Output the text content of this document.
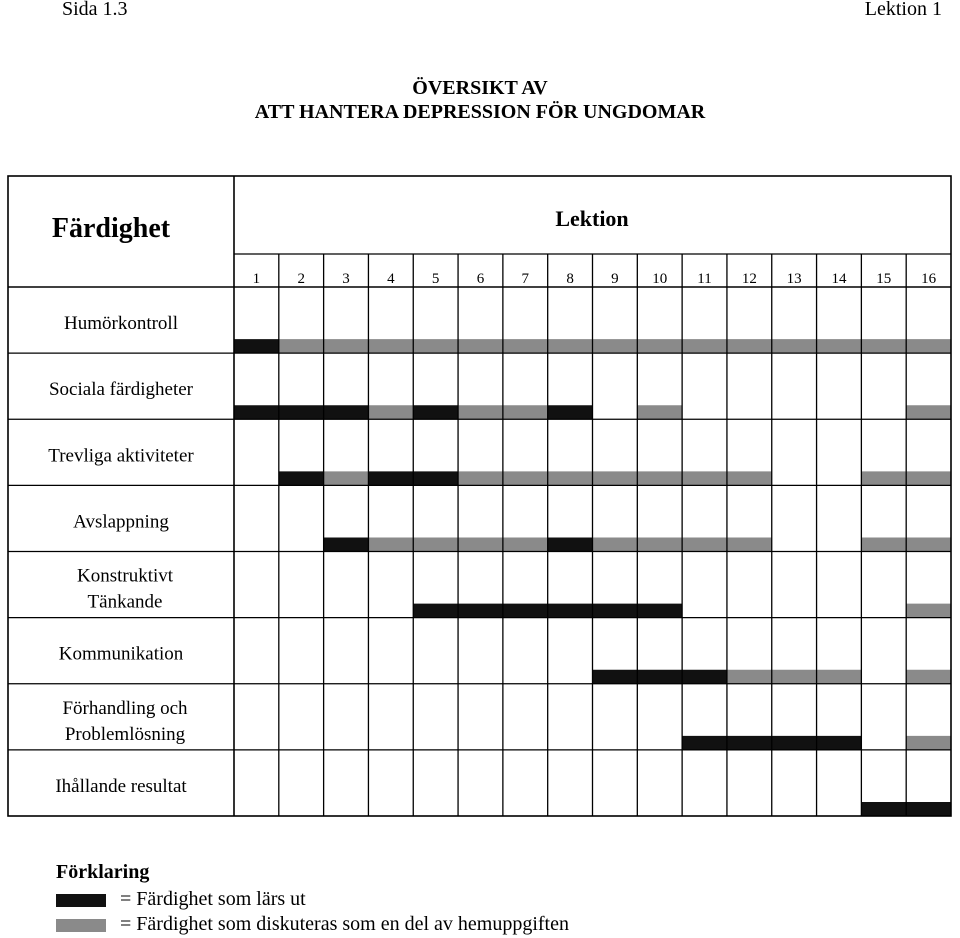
Sida 1.3	Lektion 1
ÖVERSIKT AV
ATT HANTERA DEPRESSION FÖR UNGDOMAR
Färdighet	Lektion
1 2 3 4 5 6 7 8 9 10 11 12 13 14 15 16
Humörkontroll
Sociala färdigheter
Trevliga aktiviteter
Avslappning
Konstruktivt
Tänkande
Kommunikation
Förhandling och
Problemlösning
Ihållande resultat
Förklaring
= Färdighet som lärs ut
= Färdighet som diskuteras som en del av hemuppgiften
